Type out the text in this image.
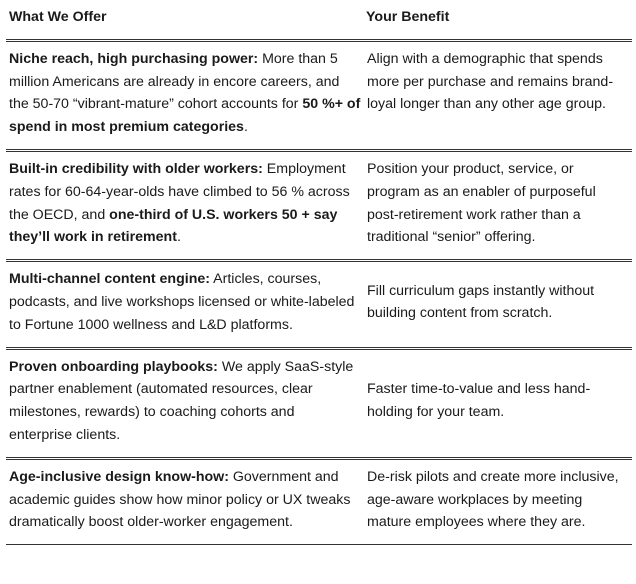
What We Offer	Your Benefit
Niche reach, high purchasing power: More than 5 million Americans are already in encore careers, and the 50-70 “vibrant-mature” cohort accounts for 50 %+ of spend in most premium categories.	Align with a demographic that spends more per purchase and remains brand-loyal longer than any other age group.
Built-in credibility with older workers: Employment rates for 60-64-year-olds have climbed to 56 % across the OECD, and one-third of U.S. workers 50 + say they’ll work in retirement.	Position your product, service, or program as an enabler of purposeful post-retirement work rather than a traditional “senior” offering.
Multi-channel content engine: Articles, courses, podcasts, and live workshops licensed or white-labeled to Fortune 1000 wellness and L&D platforms.	Fill curriculum gaps instantly without building content from scratch.
Proven onboarding playbooks: We apply SaaS-style partner enablement (automated resources, clear milestones, rewards) to coaching cohorts and enterprise clients.	Faster time-to-value and less hand-holding for your team.
Age-inclusive design know-how: Government and academic guides show how minor policy or UX tweaks dramatically boost older-worker engagement.	De-risk pilots and create more inclusive, age-aware workplaces by meeting mature employees where they are.
